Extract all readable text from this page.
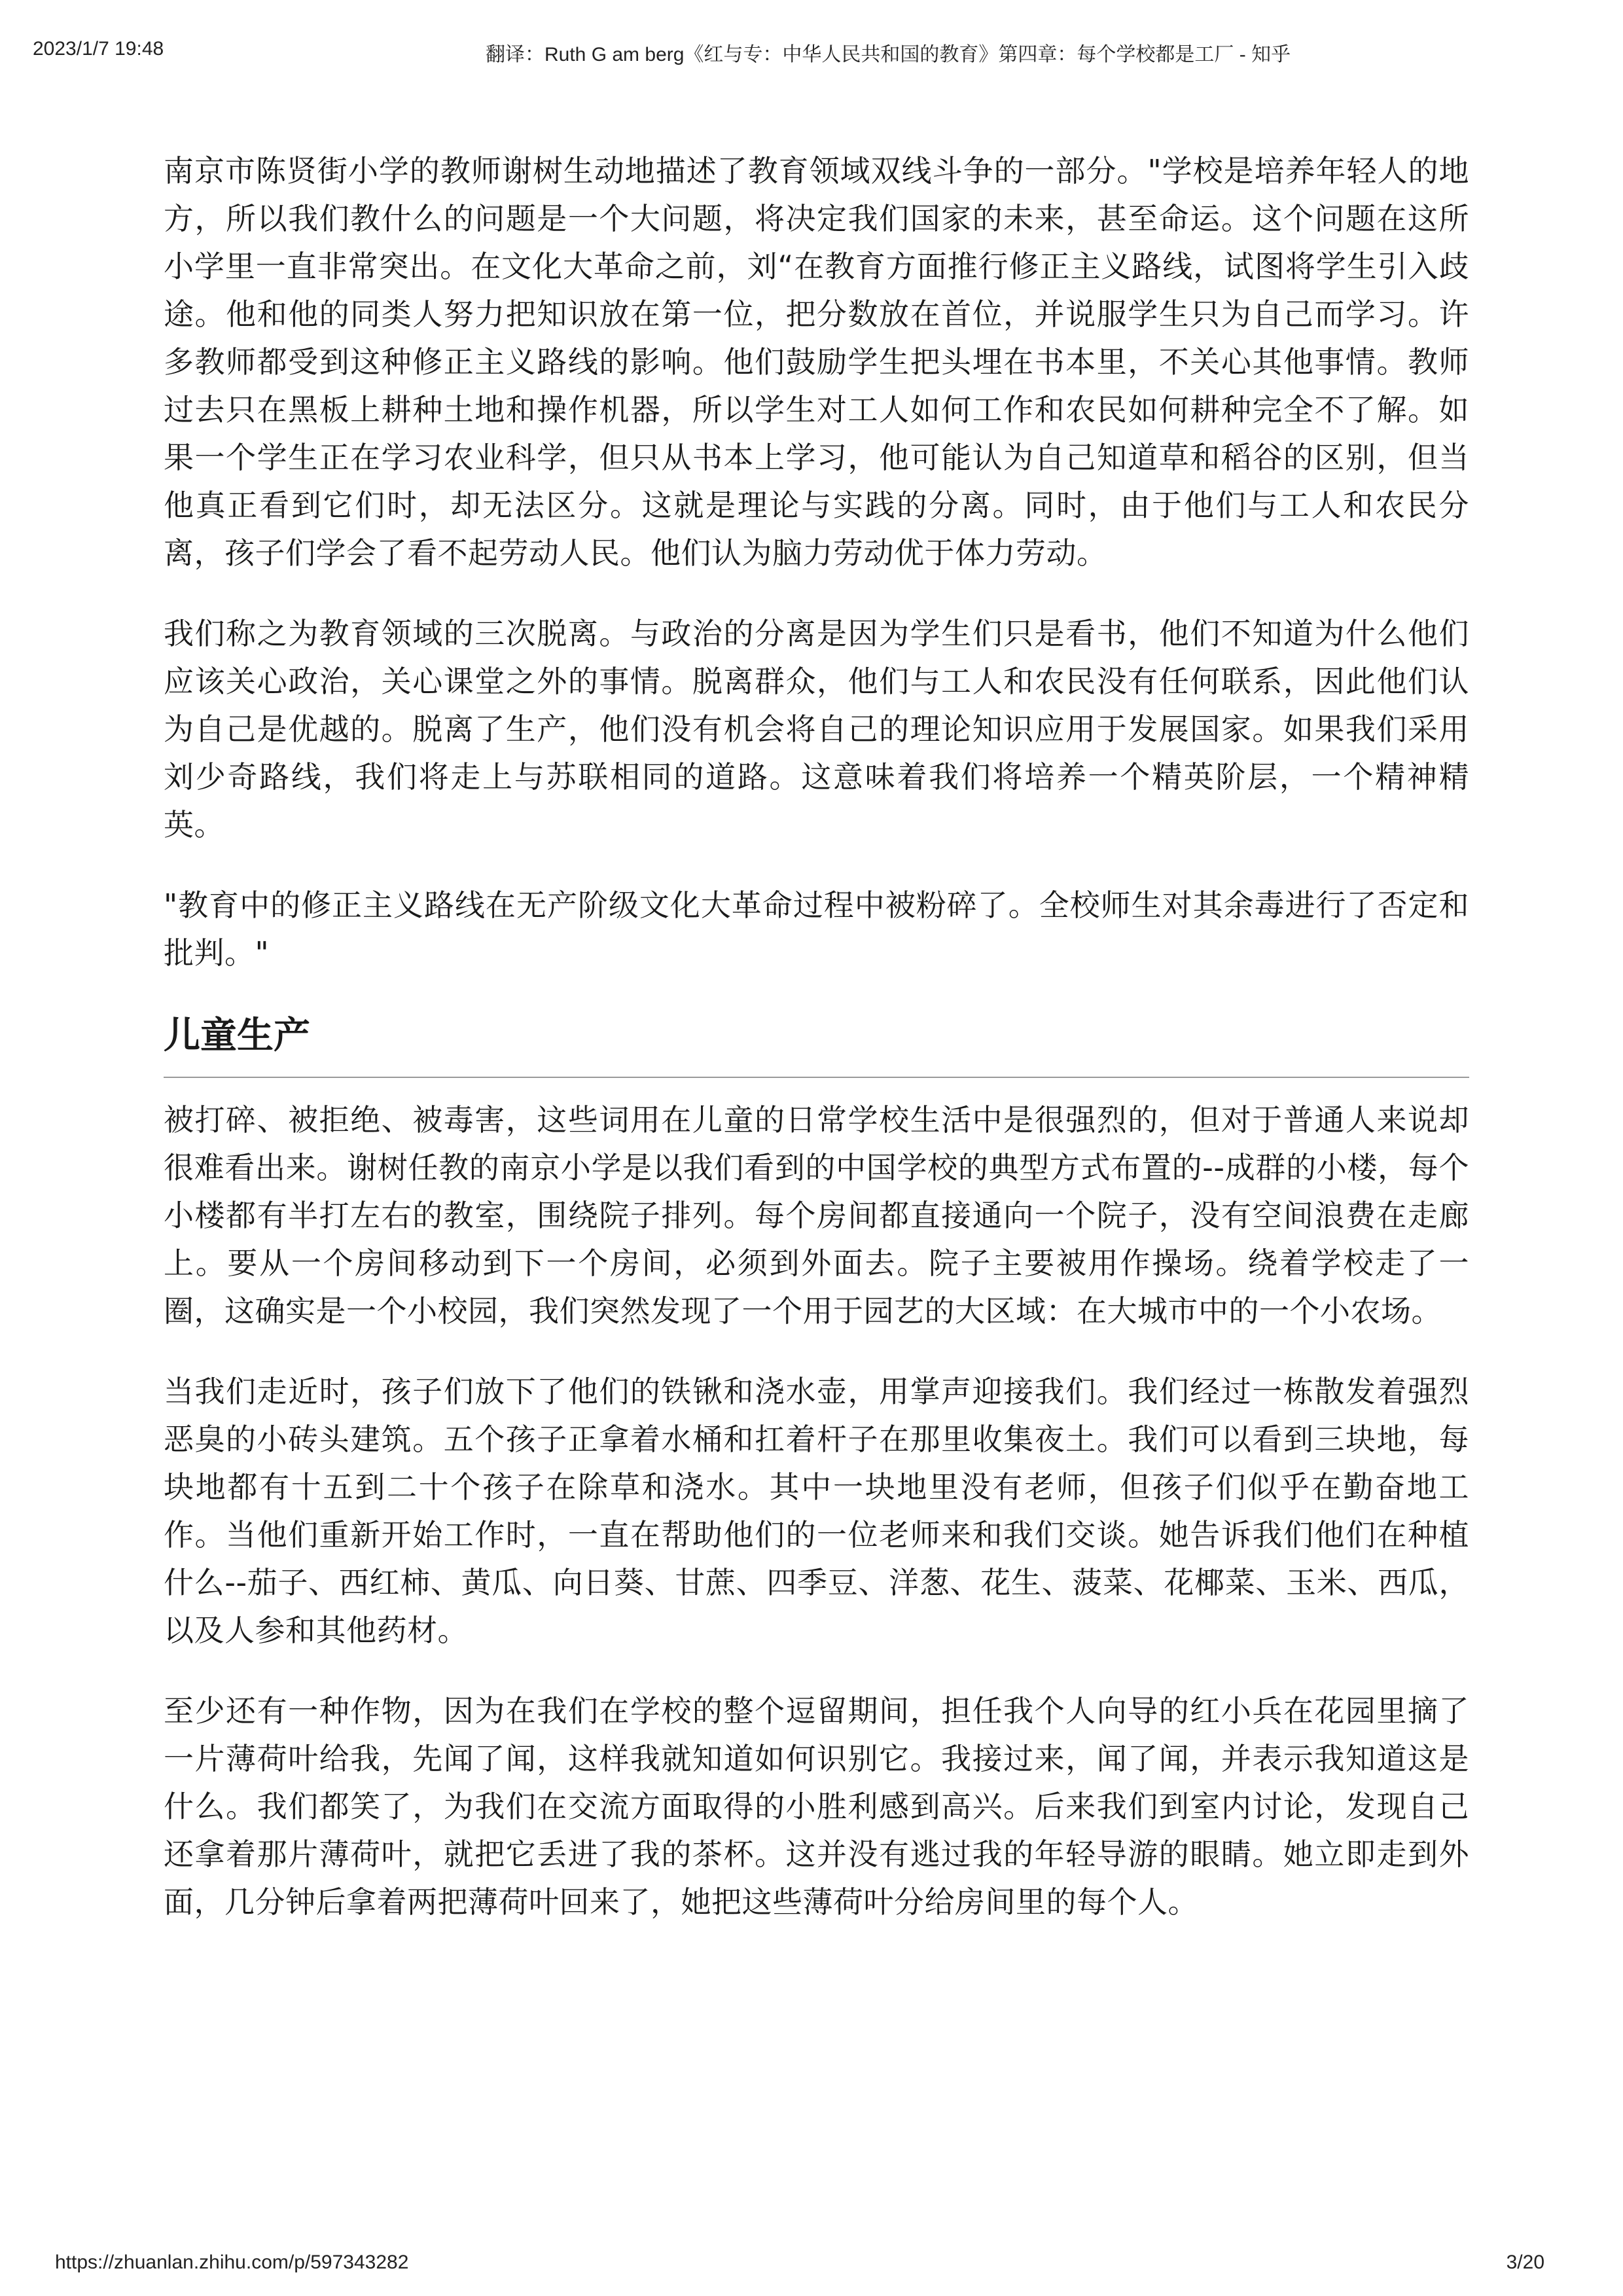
2023/1/7 19:48	翻译：Ruth G am berg《红与专：中华人民共和国的教育》第四章：每个学校都是工厂 - 知乎

南京市陈贤街小学的教师谢树生动地描述了教育领域双线斗争的一部分。"学校是培养年轻人的地方，所以我们教什么的问题是一个大问题，将决定我们国家的未来，甚至命运。这个问题在这所小学里一直非常突出。在文化大革命之前，刘“在教育方面推行修正主义路线，试图将学生引入歧途。他和他的同类人努力把知识放在第一位，把分数放在首位，并说服学生只为自己而学习。许多教师都受到这种修正主义路线的影响。他们鼓励学生把头埋在书本里，不关心其他事情。教师过去只在黑板上耕种土地和操作机器，所以学生对工人如何工作和农民如何耕种完全不了解。如果一个学生正在学习农业科学，但只从书本上学习，他可能认为自己知道草和稻谷的区别，但当他真正看到它们时，却无法区分。这就是理论与实践的分离。同时，由于他们与工人和农民分离，孩子们学会了看不起劳动人民。他们认为脑力劳动优于体力劳动。

我们称之为教育领域的三次脱离。与政治的分离是因为学生们只是看书，他们不知道为什么他们应该关心政治，关心课堂之外的事情。脱离群众，他们与工人和农民没有任何联系，因此他们认为自己是优越的。脱离了生产，他们没有机会将自己的理论知识应用于发展国家。如果我们采用刘少奇路线，我们将走上与苏联相同的道路。这意味着我们将培养一个精英阶层，一个精神精英。

"教育中的修正主义路线在无产阶级文化大革命过程中被粉碎了。全校师生对其余毒进行了否定和批判。"

儿童生产

被打碎、被拒绝、被毒害，这些词用在儿童的日常学校生活中是很强烈的，但对于普通人来说却很难看出来。谢树任教的南京小学是以我们看到的中国学校的典型方式布置的--成群的小楼，每个小楼都有半打左右的教室，围绕院子排列。每个房间都直接通向一个院子，没有空间浪费在走廊上。要从一个房间移动到下一个房间，必须到外面去。院子主要被用作操场。绕着学校走了一圈，这确实是一个小校园，我们突然发现了一个用于园艺的大区域：在大城市中的一个小农场。

当我们走近时，孩子们放下了他们的铁锹和浇水壶，用掌声迎接我们。我们经过一栋散发着强烈恶臭的小砖头建筑。五个孩子正拿着水桶和扛着杆子在那里收集夜土。我们可以看到三块地，每块地都有十五到二十个孩子在除草和浇水。其中一块地里没有老师，但孩子们似乎在勤奋地工作。当他们重新开始工作时，一直在帮助他们的一位老师来和我们交谈。她告诉我们他们在种植什么--茄子、西红柿、黄瓜、向日葵、甘蔗、四季豆、洋葱、花生、菠菜、花椰菜、玉米、西瓜，以及人参和其他药材。

至少还有一种作物，因为在我们在学校的整个逗留期间，担任我个人向导的红小兵在花园里摘了一片薄荷叶给我，先闻了闻，这样我就知道如何识别它。我接过来，闻了闻，并表示我知道这是什么。我们都笑了，为我们在交流方面取得的小胜利感到高兴。后来我们到室内讨论，发现自己还拿着那片薄荷叶，就把它丢进了我的茶杯。这并没有逃过我的年轻导游的眼睛。她立即走到外面，几分钟后拿着两把薄荷叶回来了，她把这些薄荷叶分给房间里的每个人。

https://zhuanlan.zhihu.com/p/597343282	3/20
